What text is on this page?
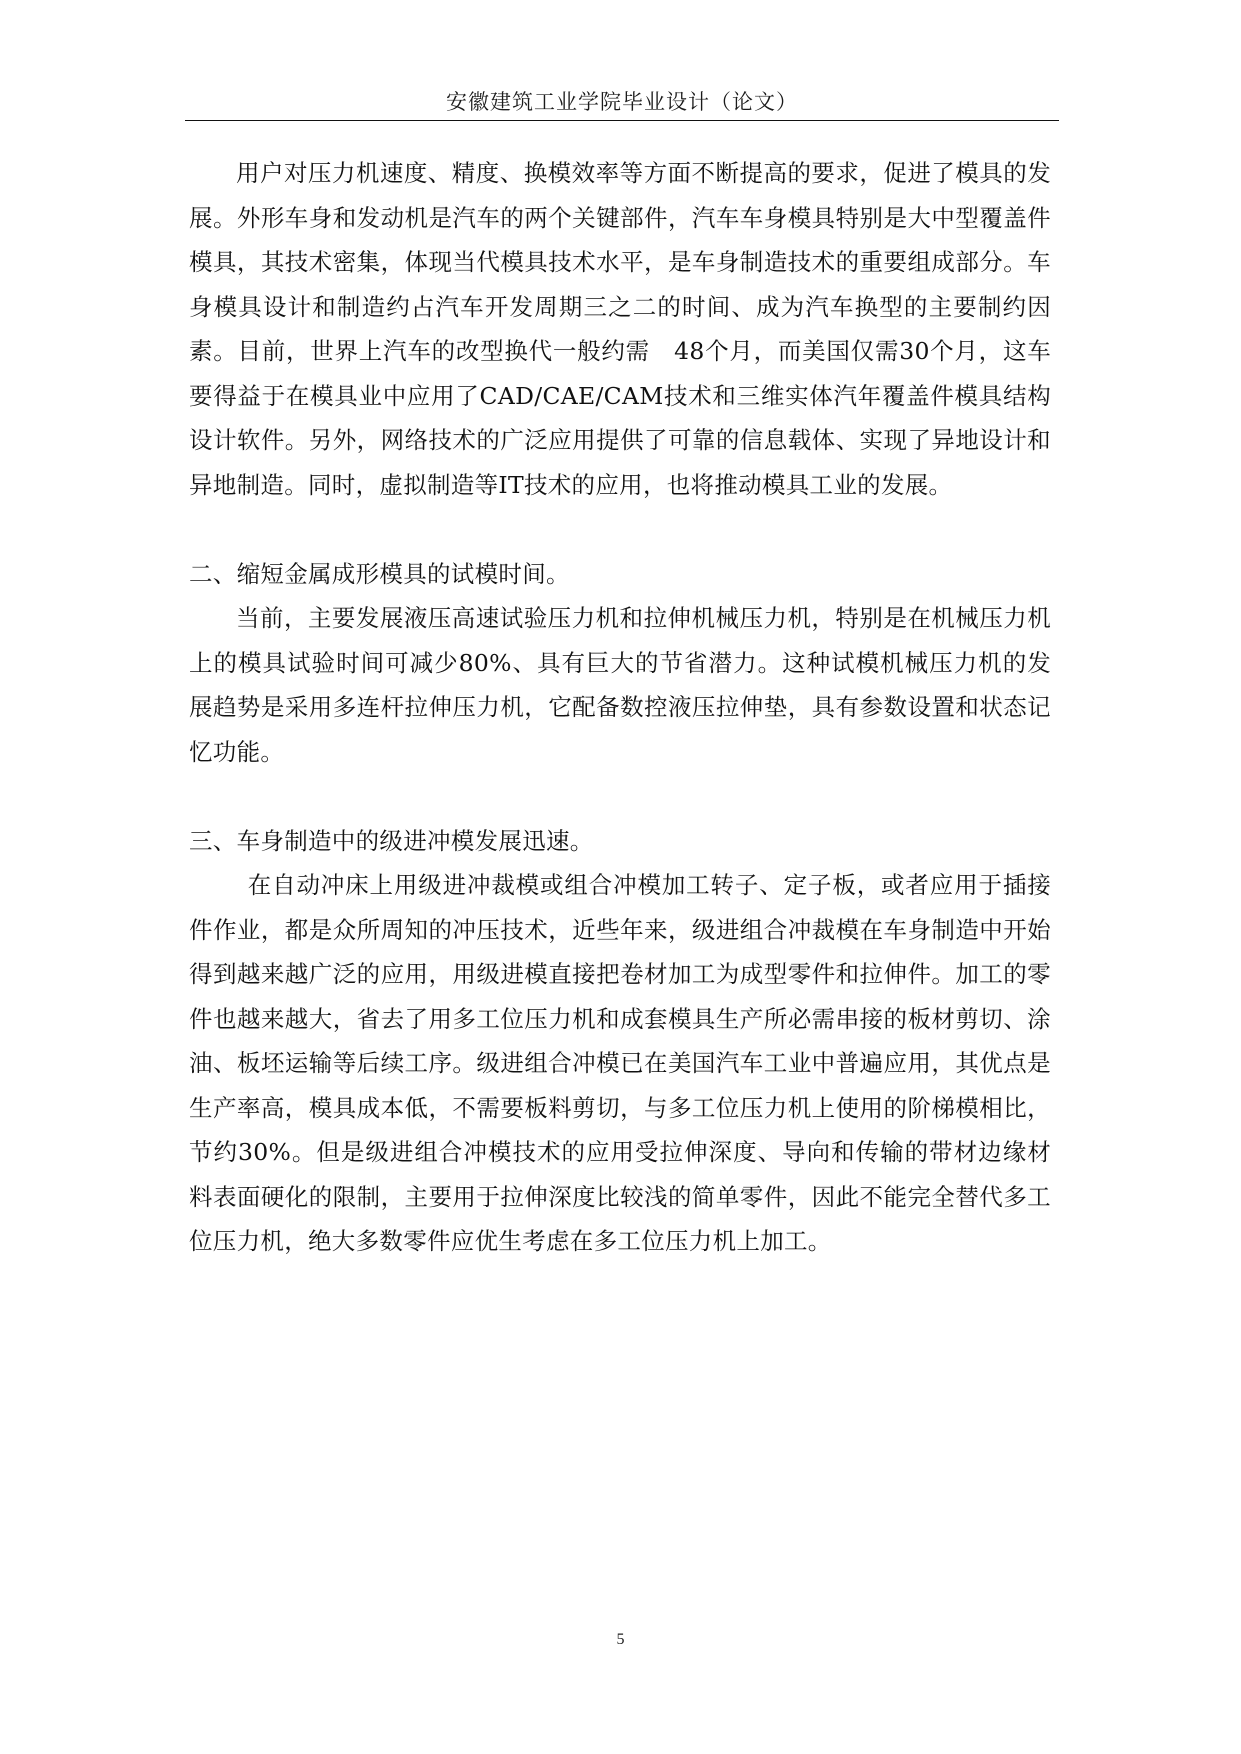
安徽建筑工业学院毕业设计（论文）

用户对压力机速度、精度、换模效率等方面不断提高的要求，促进了模具的发展。外形车身和发动机是汽车的两个关键部件，汽车车身模具特别是大中型覆盖件模具，其技术密集，体现当代模具技术水平，是车身制造技术的重要组成部分。车身模具设计和制造约占汽车开发周期三之二的时间、成为汽车换型的主要制约因素。目前，世界上汽车的改型换代一般约需　48个月，而美国仅需30个月，这车要得益于在模具业中应用了CAD/CAE/CAM技术和三维实体汽年覆盖件模具结构设计软件。另外，网络技术的广泛应用提供了可靠的信息载体、实现了异地设计和异地制造。同时，虚拟制造等IT技术的应用，也将推动模具工业的发展。

二、缩短金属成形模具的试模时间。

当前，主要发展液压高速试验压力机和拉伸机械压力机，特别是在机械压力机上的模具试验时间可减少80%、具有巨大的节省潜力。这种试模机械压力机的发展趋势是采用多连杆拉伸压力机，它配备数控液压拉伸垫，具有参数设置和状态记忆功能。

三、车身制造中的级进冲模发展迅速。

在自动冲床上用级进冲裁模或组合冲模加工转子、定子板，或者应用于插接件作业，都是众所周知的冲压技术，近些年来，级进组合冲裁模在车身制造中开始得到越来越广泛的应用，用级进模直接把卷材加工为成型零件和拉伸件。加工的零件也越来越大，省去了用多工位压力机和成套模具生产所必需串接的板材剪切、涂油、板坯运输等后续工序。级进组合冲模已在美国汽车工业中普遍应用，其优点是生产率高，模具成本低，不需要板料剪切，与多工位压力机上使用的阶梯模相比，节约30%。但是级进组合冲模技术的应用受拉伸深度、导向和传输的带材边缘材料表面硬化的限制，主要用于拉伸深度比较浅的简单零件，因此不能完全替代多工位压力机，绝大多数零件应优生考虑在多工位压力机上加工。

5
